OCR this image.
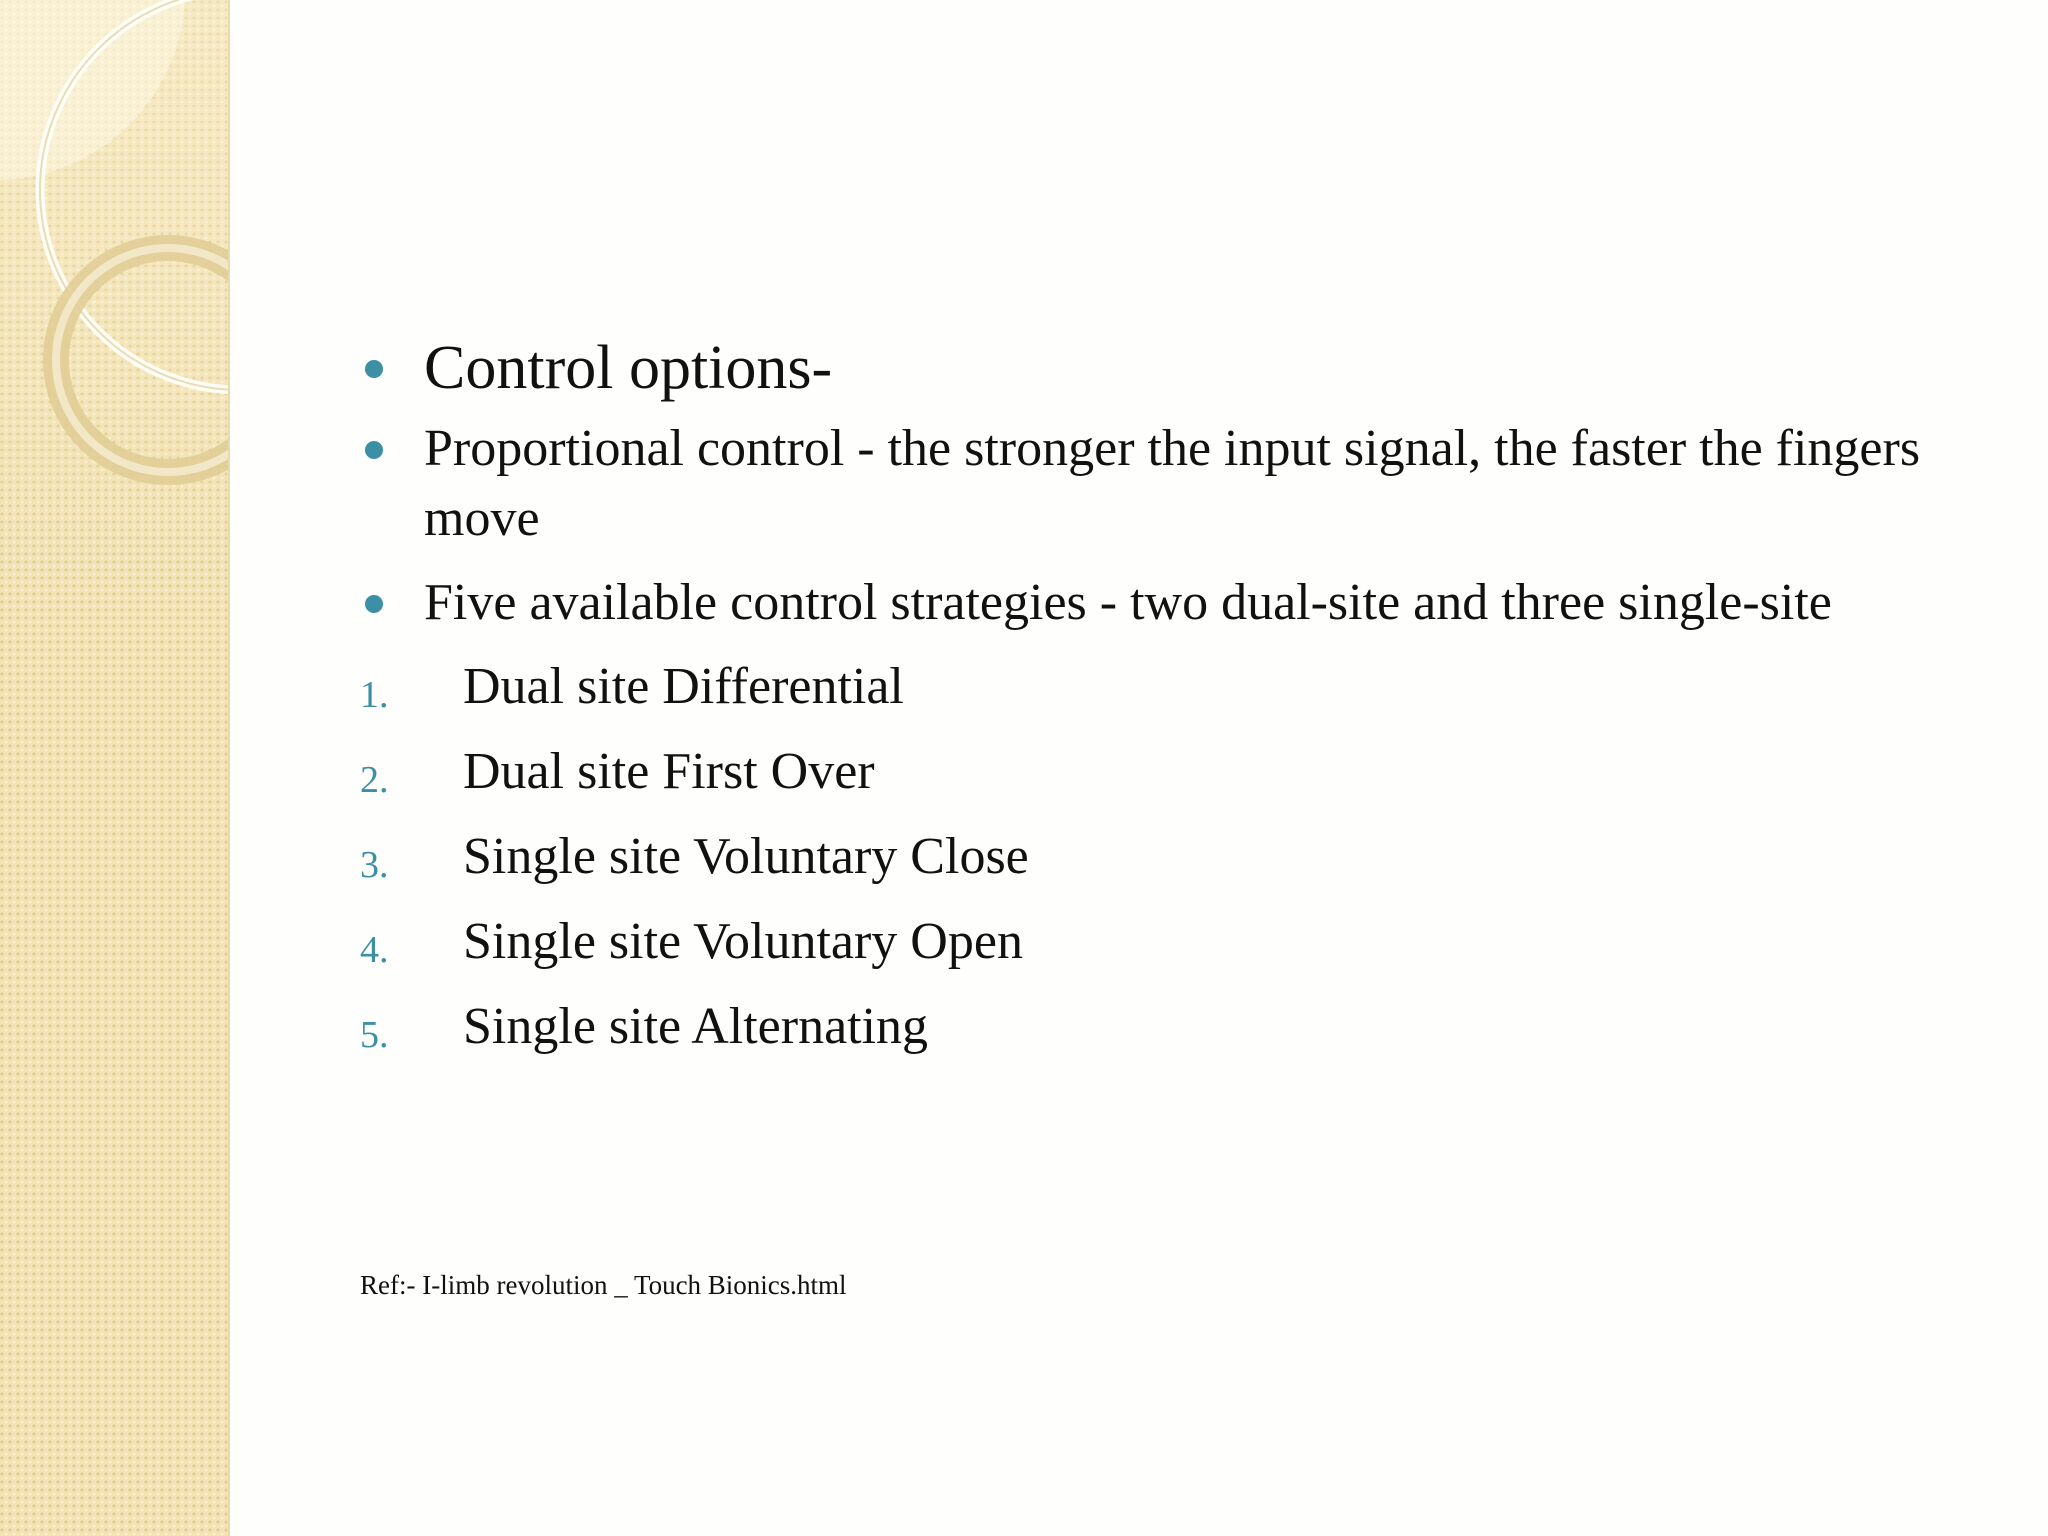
Control options-

Proportional control - the stronger the input signal, the faster the fingers move

Five available control strategies - two dual-site and three single-site

1. Dual site Differential
2. Dual site First Over
3. Single site Voluntary Close
4. Single site Voluntary Open
5. Single site Alternating
Ref:- I-limb revolution _ Touch Bionics.html
